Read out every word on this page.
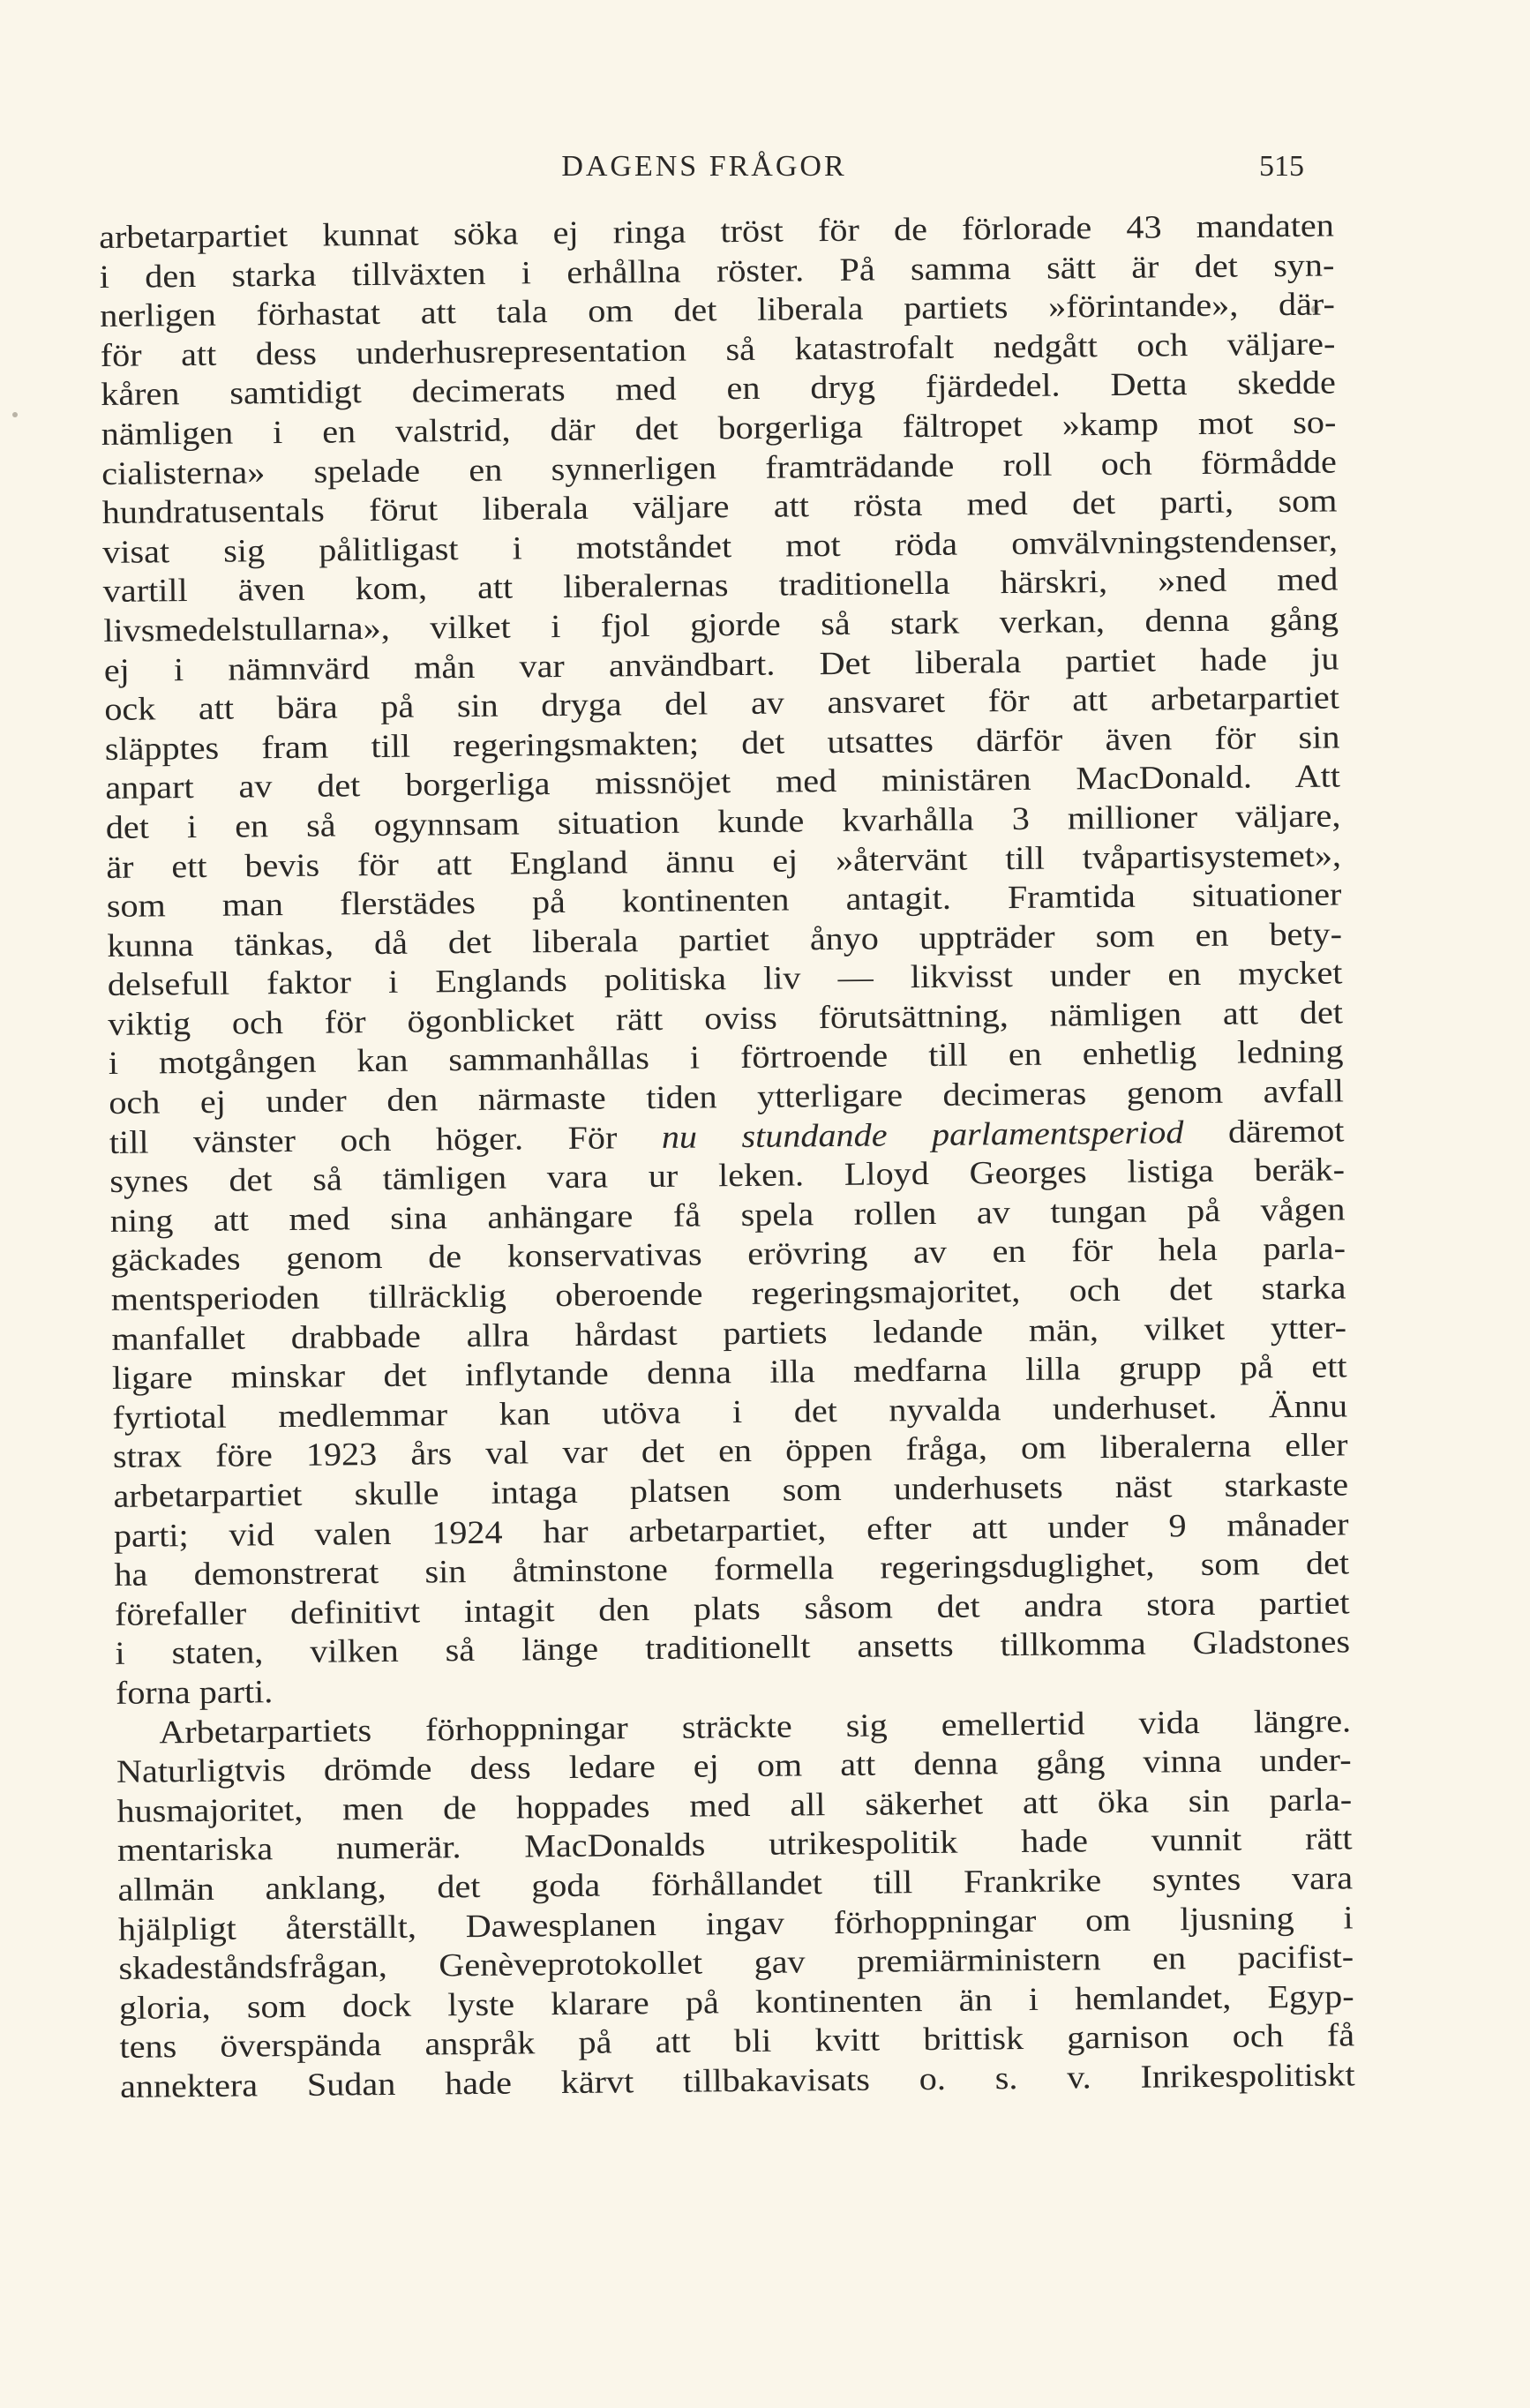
DAGENS FRÅGOR	515
arbetarpartiet kunnat söka ej ringa tröst för de förlorade 43 mandaten
i den starka tillväxten i erhållna röster. På samma sätt är det syn-
nerligen förhastat att tala om det liberala partiets »förintande», där-
för att dess underhusrepresentation så katastrofalt nedgått och väljare-
kåren samtidigt decimerats med en dryg fjärdedel. Detta skedde
nämligen i en valstrid, där det borgerliga fältropet »kamp mot so-
cialisterna» spelade en synnerligen framträdande roll och förmådde
hundratusentals förut liberala väljare att rösta med det parti, som
visat sig pålitligast i motståndet mot röda omvälvningstendenser,
vartill även kom, att liberalernas traditionella härskri, »ned med
livsmedelstullarna», vilket i fjol gjorde så stark verkan, denna gång
ej i nämnvärd mån var användbart. Det liberala partiet hade ju
ock att bära på sin dryga del av ansvaret för att arbetarpartiet
släpptes fram till regeringsmakten; det utsattes därför även för sin
anpart av det borgerliga missnöjet med ministären MacDonald. Att
det i en så ogynnsam situation kunde kvarhålla 3 millioner väljare,
är ett bevis för att England ännu ej »återvänt till tvåpartisystemet»,
som man flerstädes på kontinenten antagit. Framtida situationer
kunna tänkas, då det liberala partiet ånyo uppträder som en bety-
delsefull faktor i Englands politiska liv — likvisst under en mycket
viktig och för ögonblicket rätt oviss förutsättning, nämligen att det
i motgången kan sammanhållas i förtroende till en enhetlig ledning
och ej under den närmaste tiden ytterligare decimeras genom avfall
till vänster och höger. För nu stundande parlamentsperiod däremot
synes det så tämligen vara ur leken. Lloyd Georges listiga beräk-
ning att med sina anhängare få spela rollen av tungan på vågen
gäckades genom de konservativas erövring av en för hela parla-
mentsperioden tillräcklig oberoende regeringsmajoritet, och det starka
manfallet drabbade allra hårdast partiets ledande män, vilket ytter-
ligare minskar det inflytande denna illa medfarna lilla grupp på ett
fyrtiotal medlemmar kan utöva i det nyvalda underhuset. Ännu
strax före 1923 års val var det en öppen fråga, om liberalerna eller
arbetarpartiet skulle intaga platsen som underhusets näst starkaste
parti; vid valen 1924 har arbetarpartiet, efter att under 9 månader
ha demonstrerat sin åtminstone formella regeringsduglighet, som det
förefaller definitivt intagit den plats såsom det andra stora partiet
i staten, vilken så länge traditionellt ansetts tillkomma Gladstones
forna parti.
Arbetarpartiets förhoppningar sträckte sig emellertid vida längre.
Naturligtvis drömde dess ledare ej om att denna gång vinna under-
husmajoritet, men de hoppades med all säkerhet att öka sin parla-
mentariska numerär. MacDonalds utrikespolitik hade vunnit rätt
allmän anklang, det goda förhållandet till Frankrike syntes vara
hjälpligt återställt, Dawesplanen ingav förhoppningar om ljusning i
skadeståndsfrågan, Genèveprotokollet gav premiärministern en pacifist-
gloria, som dock lyste klarare på kontinenten än i hemlandet, Egyp-
tens överspända anspråk på att bli kvitt brittisk garnison och få
annektera Sudan hade kärvt tillbakavisats o. s. v. Inrikespolitiskt
